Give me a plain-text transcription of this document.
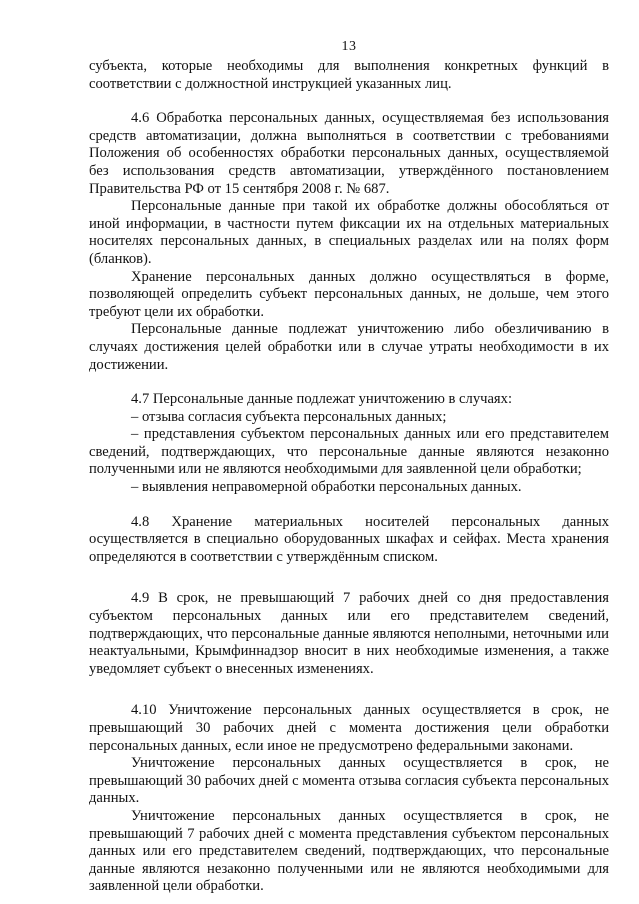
13

субъекта, которые необходимы для выполнения конкретных функций в соответствии с должностной инструкцией указанных лиц.

4.6 Обработка персональных данных, осуществляемая без использования средств автоматизации, должна выполняться в соответствии с требованиями Положения об особенностях обработки персональных данных, осуществляемой без использования средств автоматизации, утверждённого постановлением Правительства РФ от 15 сентября 2008 г. № 687.

Персональные данные при такой их обработке должны обособляться от иной информации, в частности путем фиксации их на отдельных материальных носителях персональных данных, в специальных разделах или на полях форм (бланков).

Хранение персональных данных должно осуществляться в форме, позволяющей определить субъект персональных данных, не дольше, чем этого требуют цели их обработки.

Персональные данные подлежат уничтожению либо обезличиванию в случаях достижения целей обработки или в случае утраты необходимости в их достижении.

4.7 Персональные данные подлежат уничтожению в случаях:

– отзыва согласия субъекта персональных данных;

– представления субъектом персональных данных или его представителем сведений, подтверждающих, что персональные данные являются незаконно полученными или не являются необходимыми для заявленной цели обработки;

– выявления неправомерной обработки персональных данных.

4.8 Хранение материальных носителей персональных данных осуществляется в специально оборудованных шкафах и сейфах. Места хранения определяются в соответствии с утверждённым списком.

4.9 В срок, не превышающий 7 рабочих дней со дня предоставления субъектом персональных данных или его представителем сведений, подтверждающих, что персональные данные являются неполными, неточными или неактуальными, Крымфиннадзор вносит в них необходимые изменения, а также уведомляет субъект о внесенных изменениях.

4.10 Уничтожение персональных данных осуществляется в срок, не превышающий 30 рабочих дней с момента достижения цели обработки персональных данных, если иное не предусмотрено федеральными законами.

Уничтожение персональных данных осуществляется в срок, не превышающий 30 рабочих дней с момента отзыва согласия субъекта персональных данных.

Уничтожение персональных данных осуществляется в срок, не превышающий 7 рабочих дней с момента представления субъектом персональных данных или его представителем сведений, подтверждающих, что персональные данные являются незаконно полученными или не являются необходимыми для заявленной цели обработки.
